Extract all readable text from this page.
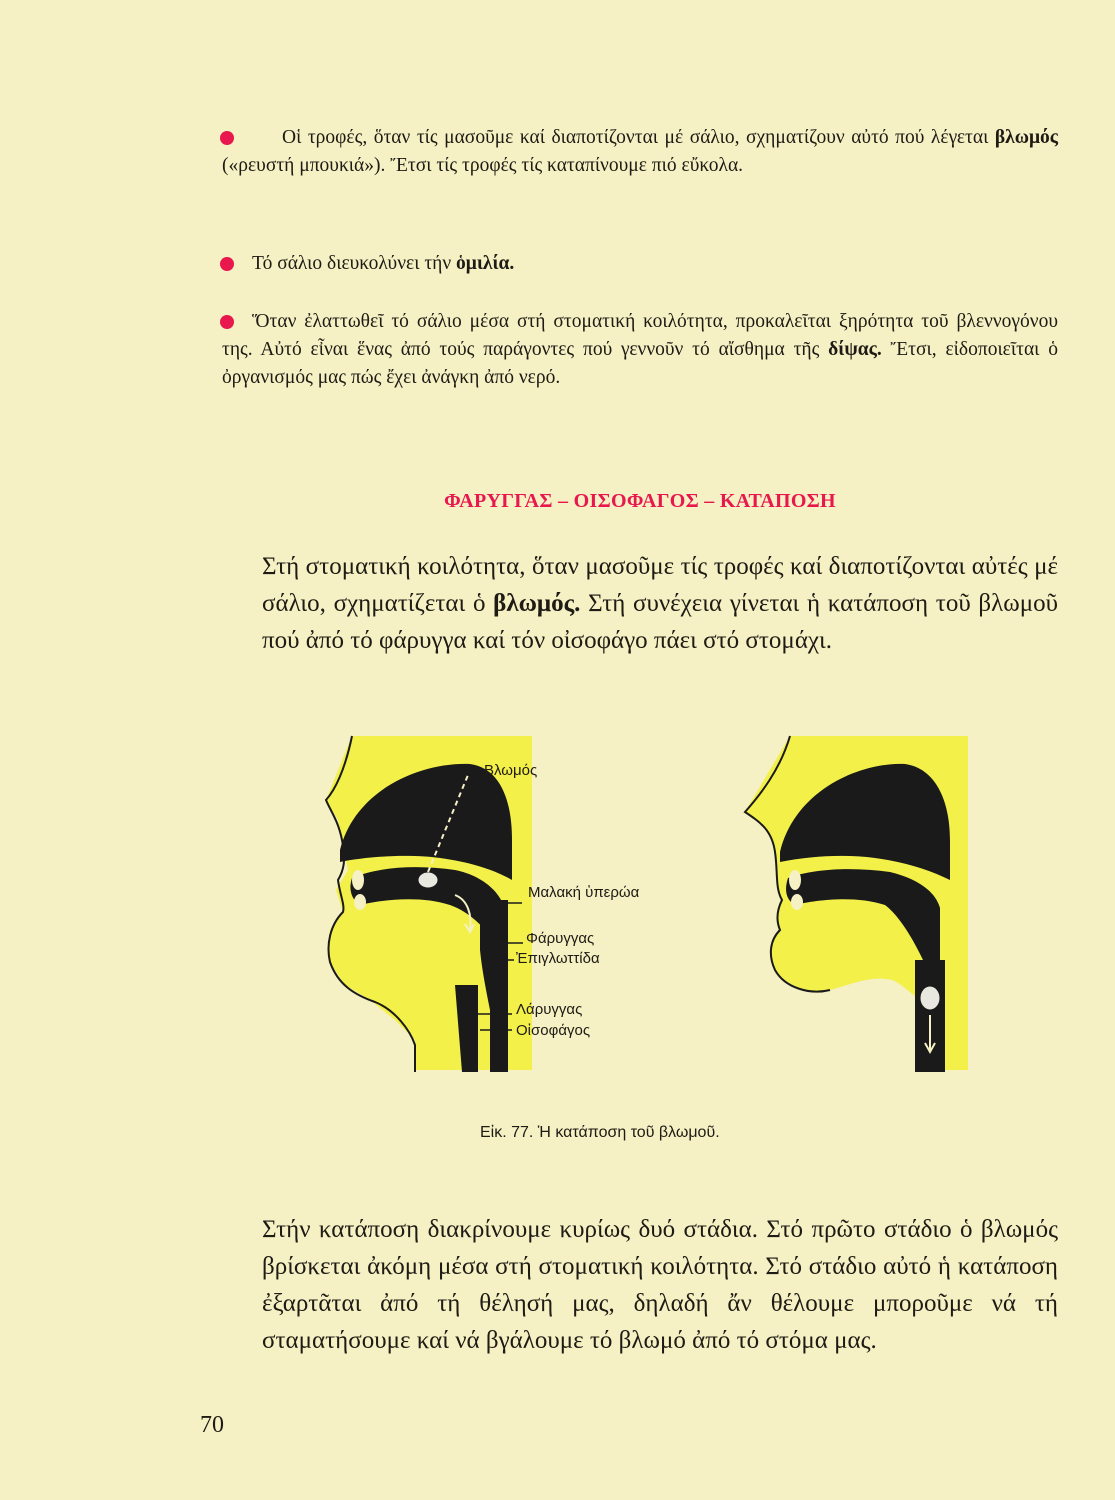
Οἱ τροφές, ὅταν τίς μασοῦμε καί διαποτίζονται μέ σάλιο, σχηματίζουν αὐτό πού λέγεται βλωμός («ρευστή μπουκιά»). Ἔτσι τίς τροφές τίς καταπίνουμε πιό εὔκολα.
Τό σάλιο διευκολύνει τήν ὁμιλία.
Ὅταν ἐλαττωθεῖ τό σάλιο μέσα στή στοματική κοιλότητα, προκαλεῖται ξηρότητα τοῦ βλεννογόνου της. Αὐτό εἶναι ἕνας ἀπό τούς παράγοντες πού γεννοῦν τό αἴσθημα τῆς δίψας. Ἔτσι, εἰδοποιεῖται ὁ ὀργανισμός μας πώς ἔχει ἀνάγκη ἀπό νερό.
ΦΑΡΥΓΓΑΣ – ΟΙΣΟΦΑΓΟΣ – ΚΑΤΑΠΟΣΗ
Στή στοματική κοιλότητα, ὅταν μασοῦμε τίς τροφές καί διαποτίζονται αὐτές μέ σάλιο, σχηματίζεται ὁ βλωμός. Στή συνέχεια γίνεται ἡ κατάποση τοῦ βλωμοῦ πού ἀπό τό φάρυγγα καί τόν οἰσοφάγο πάει στό στομάχι.
Βλωμός
Μαλακή ὑπερώα
Φάρυγγας
Ἐπιγλωττίδα
Λάρυγγας
Οἰσοφάγος
Εἰκ. 77. Ἡ κατάποση τοῦ βλωμοῦ.
Στήν κατάποση διακρίνουμε κυρίως δυό στάδια. Στό πρῶτο στάδιο ὁ βλωμός βρίσκεται ἀκόμη μέσα στή στοματική κοιλότητα. Στό στάδιο αὐτό ἡ κατάποση ἐξαρτᾶται ἀπό τή θέλησή μας, δηλαδή ἄν θέλουμε μποροῦμε νά τή σταματήσουμε καί νά βγάλουμε τό βλωμό ἀπό τό στόμα μας.
70
